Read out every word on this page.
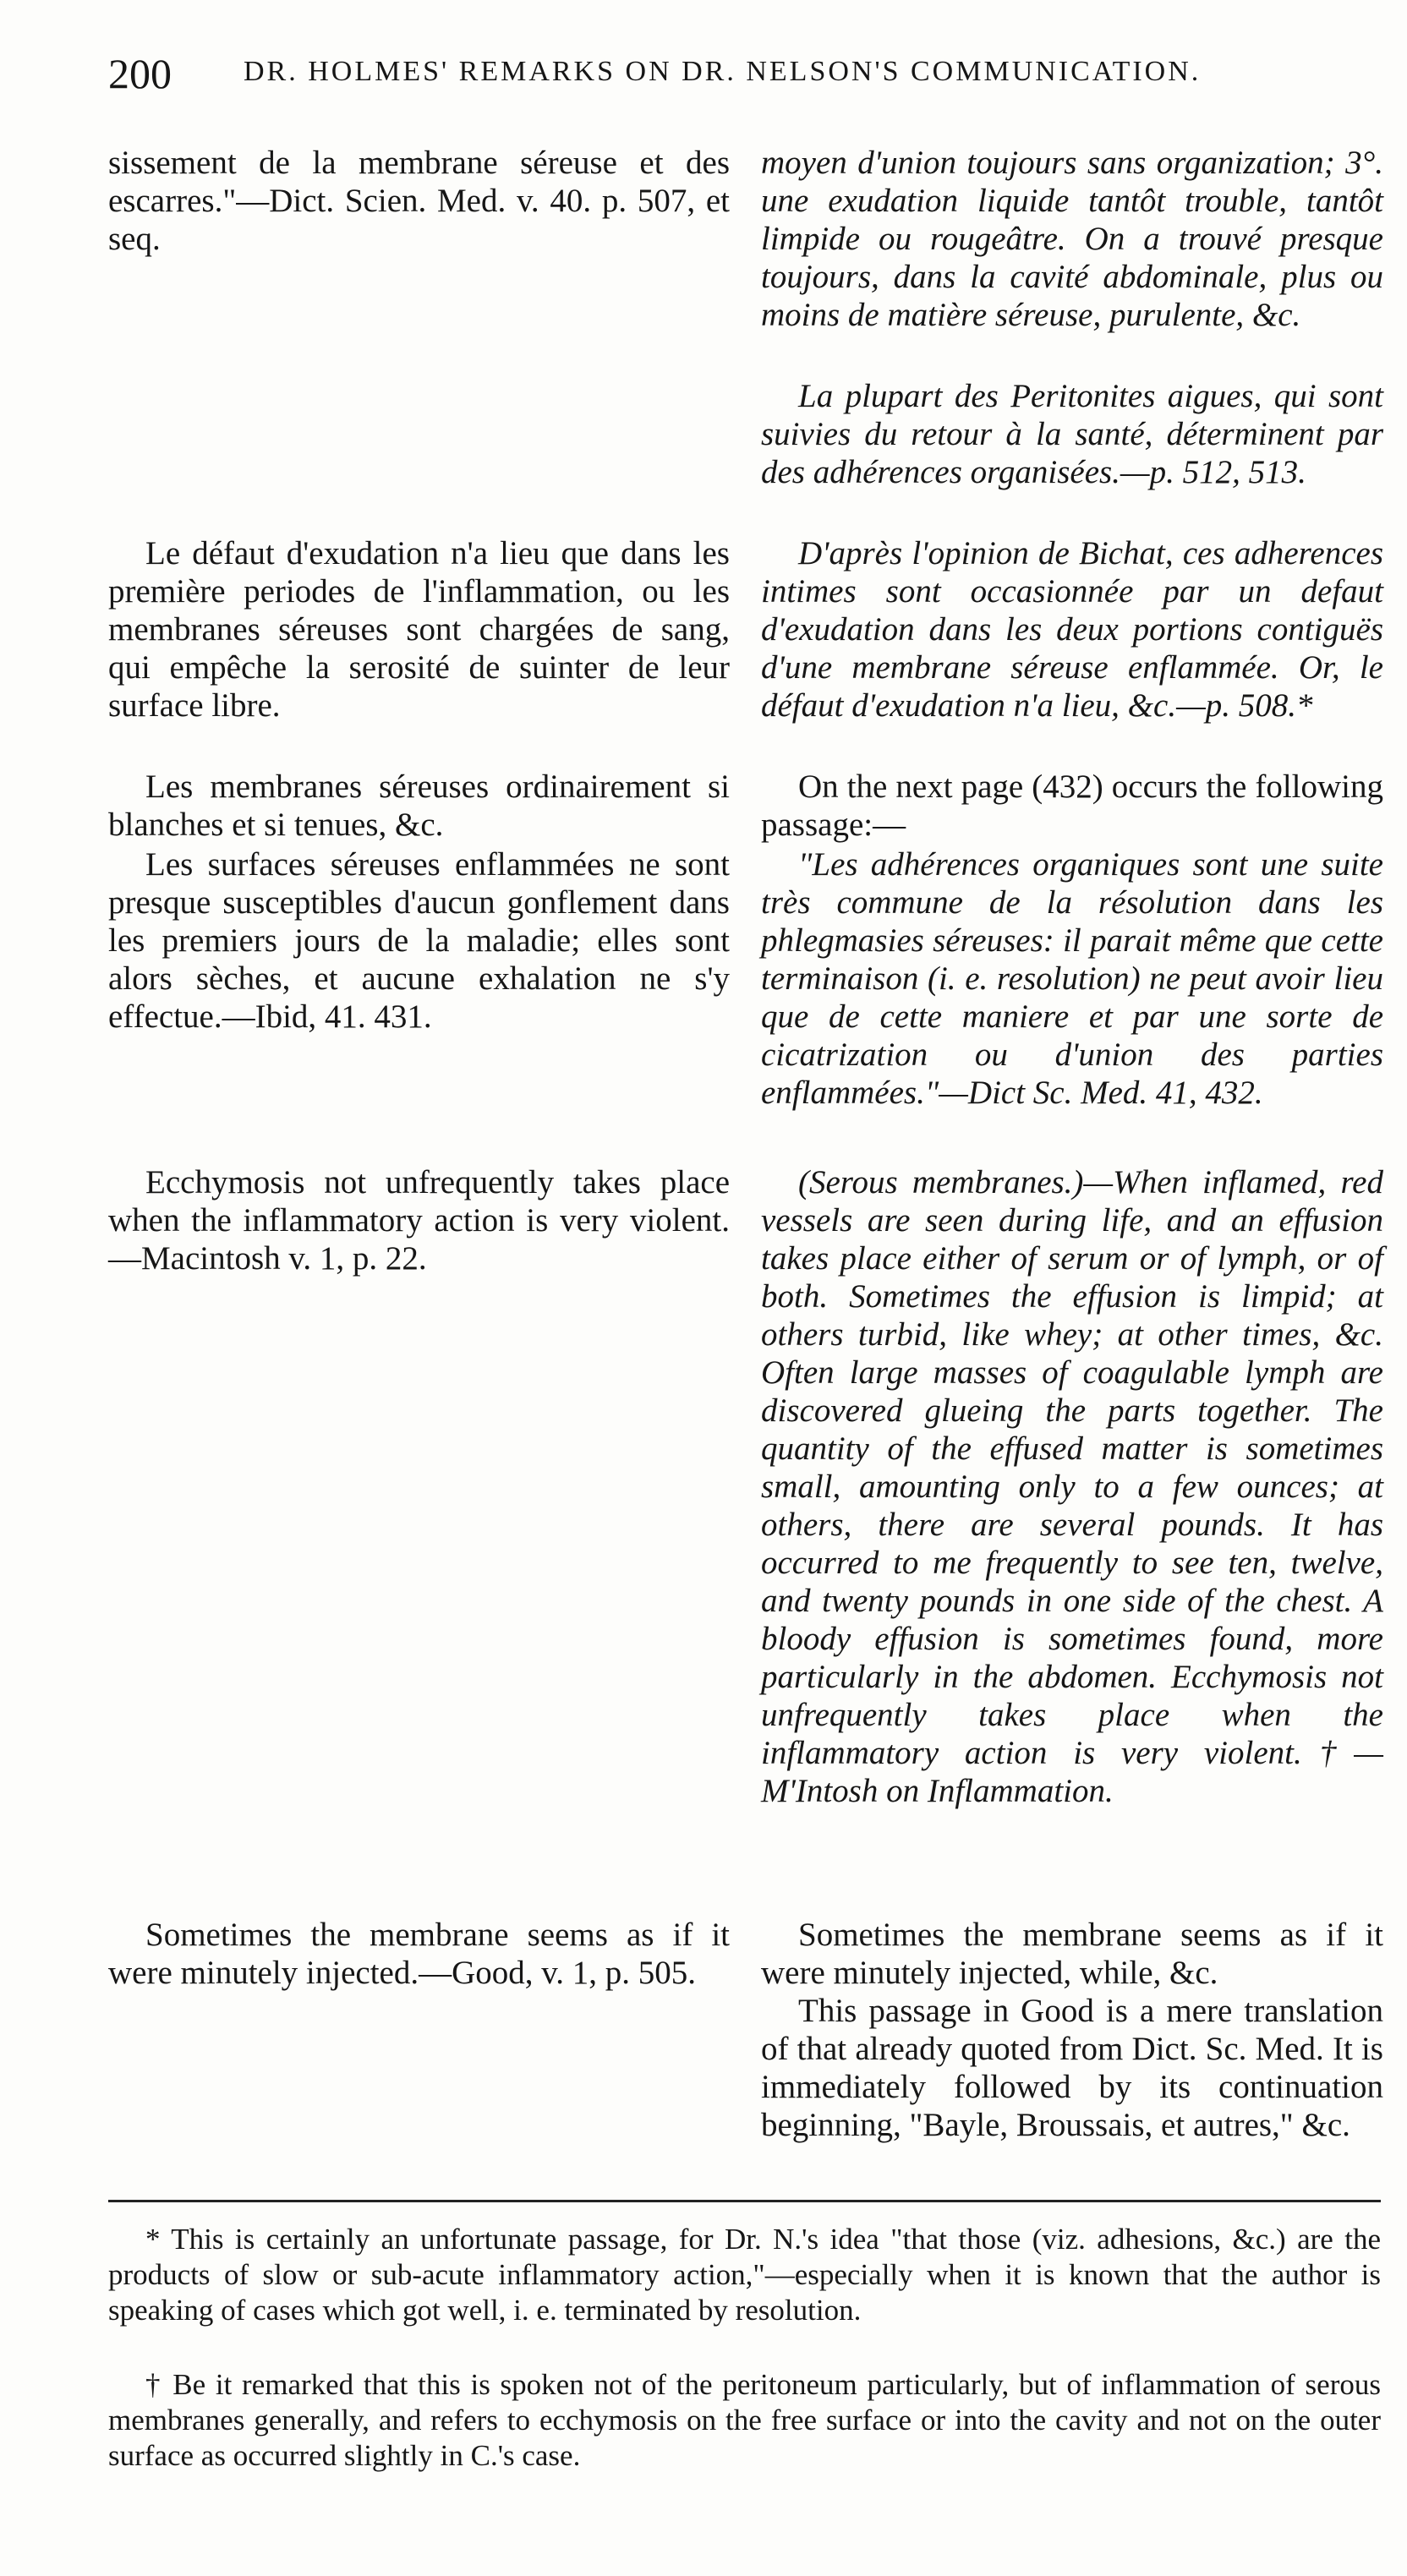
200	DR. HOLMES' REMARKS ON DR. NELSON'S COMMUNICATION.

sissement de la membrane séreuse et des escarres."—Dict. Scien. Med. v. 40. p. 507, et seq.

Le défaut d'exudation n'a lieu que dans les première periodes de l'inflammation, ou les membranes séreuses sont chargées de sang, qui empêche la serosité de suinter de leur surface libre.

Les membranes séreuses ordinairement si blanches et si tenues, &c.

Les surfaces séreuses enflammées ne sont presque susceptibles d'aucun gonflement dans les premiers jours de la maladie; elles sont alors sèches, et aucune exhalation ne s'y effectue.—Ibid, 41. 431.

Ecchymosis not unfrequently takes place when the inflammatory action is very violent.—Macintosh v. 1, p. 22.

Sometimes the membrane seems as if it were minutely injected.—Good, v. 1, p. 505.

moyen d'union toujours sans organization; 3°. une exudation liquide tantôt trouble, tantôt limpide ou rougeâtre. On a trouvé presque toujours, dans la cavité abdominale, plus ou moins de matière séreuse, purulente, &c.

La plupart des Peritonites aigues, qui sont suivies du retour à la santé, déterminent par des adhérences organisées.—p. 512, 513.

D'après l'opinion de Bichat, ces adherences intimes sont occasionnée par un defaut d'exudation dans les deux portions contiguës d'une membrane séreuse enflammée. Or, le défaut d'exudation n'a lieu, &c.—p. 508.*

On the next page (432) occurs the following passage:—

"Les adhérences organiques sont une suite très commune de la résolution dans les phlegmasies séreuses: il parait même que cette terminaison (i. e. resolution) ne peut avoir lieu que de cette maniere et par une sorte de cicatrization ou d'union des parties enflammées."—Dict Sc. Med. 41, 432.

(Serous membranes.)—When inflamed, red vessels are seen during life, and an effusion takes place either of serum or of lymph, or of both. Sometimes the effusion is limpid; at others turbid, like whey; at other times, &c. Often large masses of coagulable lymph are discovered glueing the parts together. The quantity of the effused matter is sometimes small, amounting only to a few ounces; at others, there are several pounds. It has occurred to me frequently to see ten, twelve, and twenty pounds in one side of the chest. A bloody effusion is sometimes found, more particularly in the abdomen. Ecchymosis not unfrequently takes place when the inflammatory action is very violent.†—M'Intosh on Inflammation.

Sometimes the membrane seems as if it were minutely injected, while, &c.

This passage in Good is a mere translation of that already quoted from Dict. Sc. Med. It is immediately followed by its continuation beginning, "Bayle, Broussais, et autres," &c.

* This is certainly an unfortunate passage, for Dr. N.'s idea "that those (viz. adhesions, &c.) are the products of slow or sub-acute inflammatory action,"—especially when it is known that the author is speaking of cases which got well, i. e. terminated by resolution.

† Be it remarked that this is spoken not of the peritoneum particularly, but of inflammation of serous membranes generally, and refers to ecchymosis on the free surface or into the cavity and not on the outer surface as occurred slightly in C.'s case.
